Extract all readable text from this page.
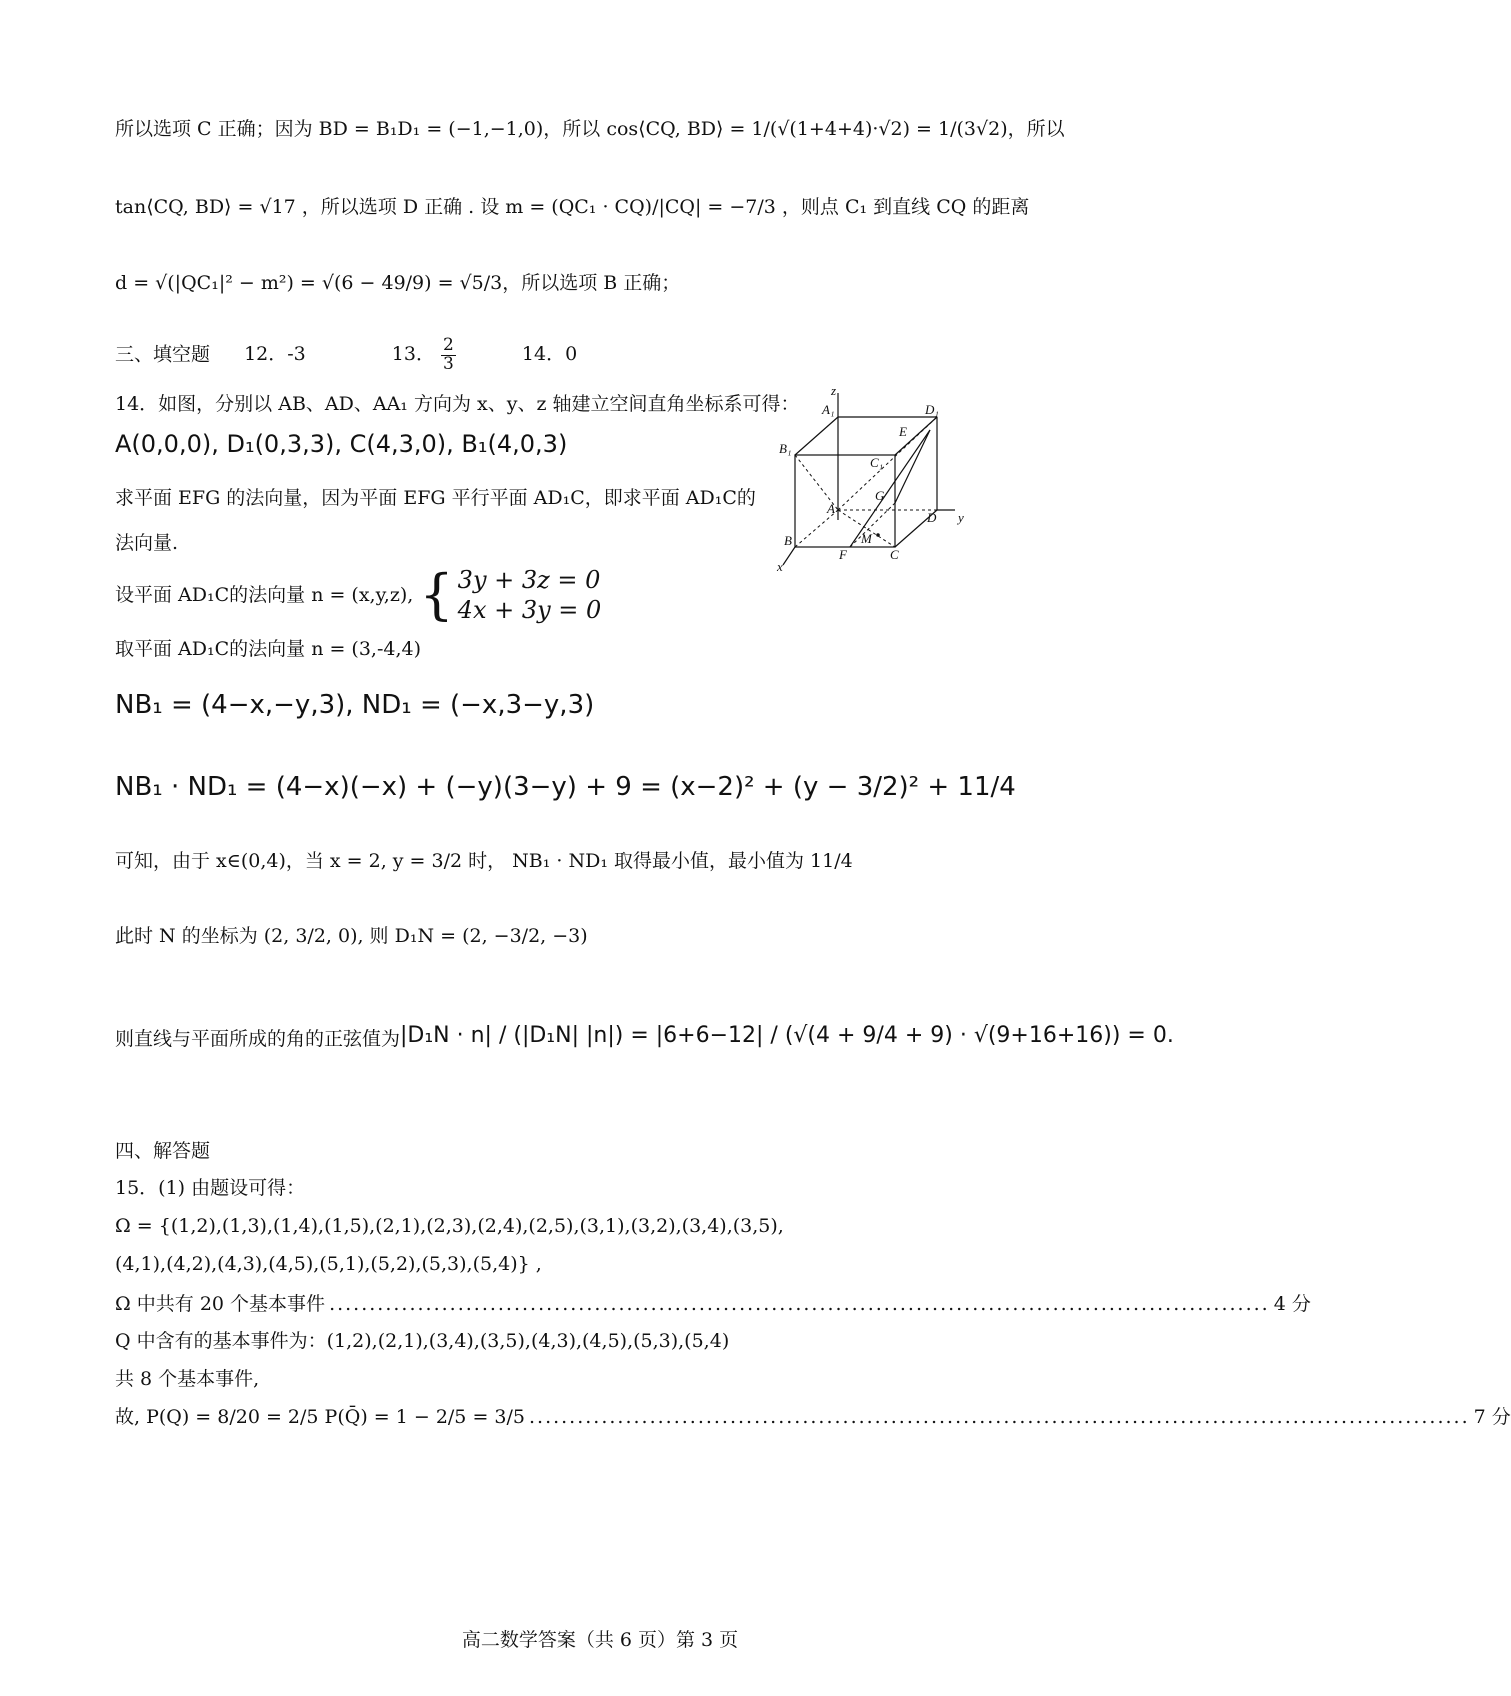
所以选项 C 正确；因为 BD = B₁D₁ = (−1,−1,0)，所以 cos⟨CQ, BD⟩ = 1/(√(1+4+4)·√2) = 1/(3√2)，所以
tan⟨CQ, BD⟩ = √17 ，所以选项 D 正确 . 设 m = (QC₁ · CQ)/|CQ| = −7/3 ，则点 C₁ 到直线 CQ 的距离
d = √(|QC₁|² − m²) = √(6 − 49/9) = √5/3，所以选项 B 正确；
三、填空题 12．-3	13． $\frac{2}{3}$	14．0
14．如图，分别以 AB、AD、AA₁ 方向为 x、y、z 轴建立空间直角坐标系可得：
A(0,0,0), D₁(0,3,3), C(4,3,0), B₁(4,0,3)
求平面 EFG 的法向量，因为平面 EFG 平行平面 AD₁C，即求平面 AD₁C的
法向量.
设平面 AD₁C的法向量 n = (x,y,z), { 3y + 3z = 0
4x + 3y = 0
取平面 AD₁C的法向量 n = (3,-4,4)
NB₁ = (4−x,−y,3), ND₁ = (−x,3−y,3)
NB₁ · ND₁ = (4−x)(−x) + (−y)(3−y) + 9 = (x−2)² + (y − 3/2)² + 11/4
可知，由于 x∈(0,4)，当 x = 2, y = 3/2 时， NB₁ · ND₁ 取得最小值，最小值为 11/4
此时 N 的坐标为 (2, 3/2, 0), 则 D₁N = (2, −3/2, −3)
则直线与平面所成的角的正弦值为 |D₁N · n| / (|D₁N| |n|) = |6+6−12| / (√(4 + 9/4 + 9) · √(9+16+16)) = 0.
四、解答题
15．(1) 由题设可得：
Ω = {(1,2),(1,3),(1,4),(1,5),(2,1),(2,3),(2,4),(2,5),(3,1),(3,2),(3,4),(3,5),
(4,1),(4,2),(4,3),(4,5),(5,1),(5,2),(5,3),(5,4)} ,
Ω 中共有 20 个基本事件 ..................................................................................................................... 4 分
Q 中含有的基本事件为：(1,2),(2,1),(3,4),(3,5),(4,3),(4,5),(5,3),(5,4)
共 8 个基本事件,
故, P(Q) = 8/20 = 2/5 P(Q̄) = 1 − 2/5 = 3/5 ..................................................................................................................... 7 分
高二数学答案（共 6 页）第 3 页
z
A₁	D₁
E
B₁
C₁
G
A
D y
B
F
M
C
x
